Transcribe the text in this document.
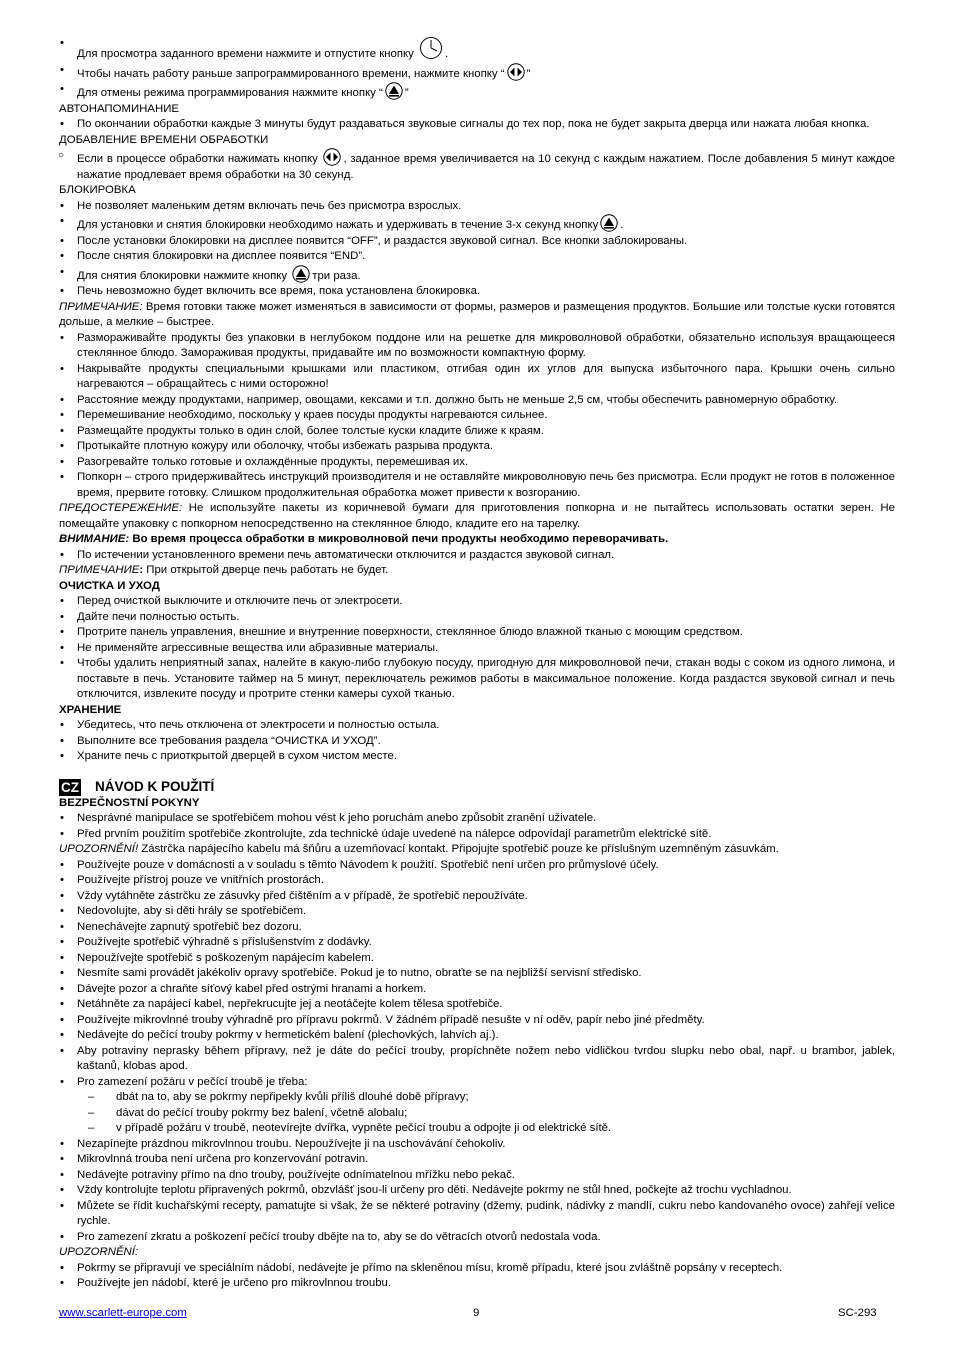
• Для просмотра заданного времени нажмите и отпустите кнопку	.
• Чтобы начать работу раньше запрограммированного времени, нажмите кнопку “ ”
• Для отмены режима программирования нажмите кнопку “ ”
АВТОНАПОМИНАНИЕ
• По окончании обработки каждые 3 минуты будут раздаваться звуковые сигналы до тех пор, пока не будет закрыта дверца или нажата любая кнопка.
ДОБАВЛЕНИЕ ВРЕМЕНИ ОБРАБОТКИ
○ Если в процессе обработки нажимать кнопку , заданное время увеличивается на 10 секунд с каждым нажатием. После добавления 5 минут каждое нажатие продлевает время обработки на 30 секунд.
БЛОКИРОВКА
• Не позволяет маленьким детям включать печь без присмотра взрослых.
• Для установки и снятия блокировки необходимо нажать и удерживать в течение 3-х секунд кнопку .
• После установки блокировки на дисплее появится “OFF”, и раздастся звуковой сигнал. Все кнопки заблокированы.
• После снятия блокировки на дисплее появится “END”.
• Для снятия блокировки нажмите кнопку три раза.
• Печь невозможно будет включить все время, пока установлена блокировка.
ПРИМЕЧАНИЕ: Время готовки также может изменяться в зависимости от формы, размеров и размещения продуктов. Большие или толстые куски готовятся дольше, а мелкие – быстрее.
• Размораживайте продукты без упаковки в неглубоком поддоне или на решетке для микроволновой обработки, обязательно используя вращающееся стеклянное блюдо. Замораживая продукты, придавайте им по возможности компактную форму.
• Накрывайте продукты специальными крышками или пластиком, отгибая один их углов для выпуска избыточного пара. Крышки очень сильно нагреваются – обращайтесь с ними осторожно!
• Расстояние между продуктами, например, овощами, кексами и т.п. должно быть не меньше 2,5 см, чтобы обеспечить равномерную обработку.
• Перемешивание необходимо, поскольку у краев посуды продукты нагреваются сильнее.
• Размещайте продукты только в один слой, более толстые куски кладите ближе к краям.
• Протыкайте плотную кожуру или оболочку, чтобы избежать разрыва продукта.
• Разогревайте только готовые и охлаждённые продукты, перемешивая их.
• Попкорн – строго придерживайтесь инструкций производителя и не оставляйте микроволновую печь без присмотра. Если продукт не готов в положенное время, прервите готовку. Слишком продолжительная обработка может привести к возгоранию.
ПРЕДОСТЕРЕЖЕНИЕ: Не используйте пакеты из коричневой бумаги для приготовления попкорна и не пытайтесь использовать остатки зерен. Не помещайте упаковку с попкорном непосредственно на стеклянное блюдо, кладите его на тарелку.
ВНИМАНИЕ: Во время процесса обработки в микроволновой печи продукты необходимо переворачивать.
• По истечении установленного времени печь автоматически отключится и раздастся звуковой сигнал.
ПРИМЕЧАНИЕ: При открытой дверце печь работать не будет.
ОЧИСТКА И УХОД
• Перед очисткой выключите и отключите печь от электросети.
• Дайте печи полностью остыть.
• Протрите панель управления, внешние и внутренние поверхности, стеклянное блюдо влажной тканью с моющим средством.
• Не применяйте агрессивные вещества или абразивные материалы.
• Чтобы удалить неприятный запах, налейте в какую-либо глубокую посуду, пригодную для микроволновой печи, стакан воды с соком из одного лимона, и поставьте в печь. Установите таймер на 5 минут, переключатель режимов работы в максимальное положение. Когда раздастся звуковой сигнал и печь отключится, извлеките посуду и протрите стенки камеры сухой тканью.
ХРАНЕНИЕ
• Убедитесь, что печь отключена от электросети и полностью остыла.
• Выполните все требования раздела “ОЧИСТКА И УХОД”.
• Храните печь с приоткрытой дверцей в сухом чистом месте.
CZ NÁVOD K POUŽITÍ
BEZPEČNOSTNÍ POKYNY
• Nesprávné manipulace se spotřebičem mohou vést k jeho poruchám anebo způsobit zranění uživatele.
• Před prvním použitím spotřebiče zkontrolujte, zda technické údaje uvedené na nálepce odpovídají parametrům elektrické sítě.
UPOZORNĚNÍ! Zástrčka napájecího kabelu má šňůru a uzemňovací kontakt. Připojujte spotřebič pouze ke příslušným uzemněným zásuvkám.
• Používejte pouze v domácnosti a v souladu s tẽmto Návodem k použití. Spotřebič není určen pro průmyslové účely.
• Používejte přístroj pouze ve vnitřních prostorách.
• Vždy vytáhněte zástrčku ze zásuvky před čištěním a v případě, že spotřebič nepoužíváte.
• Nedovolujte, aby si děti hrály se spotřebičem.
• Nenechávejte zapnutý spotřebič bez dozoru.
• Používejte spotřebič výhradně s příslušenstvím z dodávky.
• Nepoužívejte spotřebič s poškozeným napájecím kabelem.
• Nesmíte sami provádět jakékoliv opravy spotřebiče. Pokud je to nutno, obraťte se na nejbližší servisní středisko.
• Dávejte pozor a chraňte síťový kabel před ostrými hranami a horkem.
• Netáhněte za napájecí kabel, nepřekrucujte jej a neotáčejte kolem tělesa spotřebiče.
• Používejte mikrovlnné trouby výhradně pro přípravu pokrmů. V žádném případě nesušte v ní oděv, papír nebo jiné předměty.
• Nedávejte do pečící trouby pokrmy v hermetickém balení (plechovkých, lahvích aj.).
• Aby potraviny neprasky během přípravy, než je dáte do pečící trouby, propíchněte nožem nebo vidličkou tvrdou slupku nebo obal, např. u brambor, jablek, kaštanů, klobas apod.
• Pro zamezení požáru v pečící troubě je třeba:
– dbát na to, aby se pokrmy nepřipekly kvůli příliš dlouhé době přípravy;
– dávat do pečící trouby pokrmy bez balení, včetně alobalu;
– v případě požáru v troubě, neotevírejte dvířka, vypněte pečící troubu a odpojte ji od elektrické sítě.
• Nezapínejte prázdnou mikrovlnnou troubu. Nepoužívejte ji na uschovávání čehokoliv.
• Mikrovlnná trouba není určena pro konzervování potravin.
• Nedávejte potraviny přímo na dno trouby, používejte odnímatelnou mřížku nebo pekač.
• Vždy kontrolujte teplotu připravených pokrmů, obzvlášť jsou-li určeny pro děti. Nedávejte pokrmy ne stůl hned, počkejte až trochu vychladnou.
• Můžete se řídit kuchařskými recepty, pamatujte si však, že se některé potraviny (džemy, pudink, nádivky z mandlí, cukru nebo kandovaného ovoce) zahřejí velice rychle.
• Pro zamezení zkratu a poškození pečící trouby dbějte na to, aby se do větracích otvorů nedostala voda.
UPOZORNĚNÍ:
• Pokrmy se připravují ve speciálním nádobí, nedávejte je přímo na skleněnou mísu, kromě případu, které jsou zvláštně popsány v receptech.
• Používejte jen nádobí, které je určeno pro mikrovlnnou troubu.
www.scarlett-europe.com	9	SC-293
